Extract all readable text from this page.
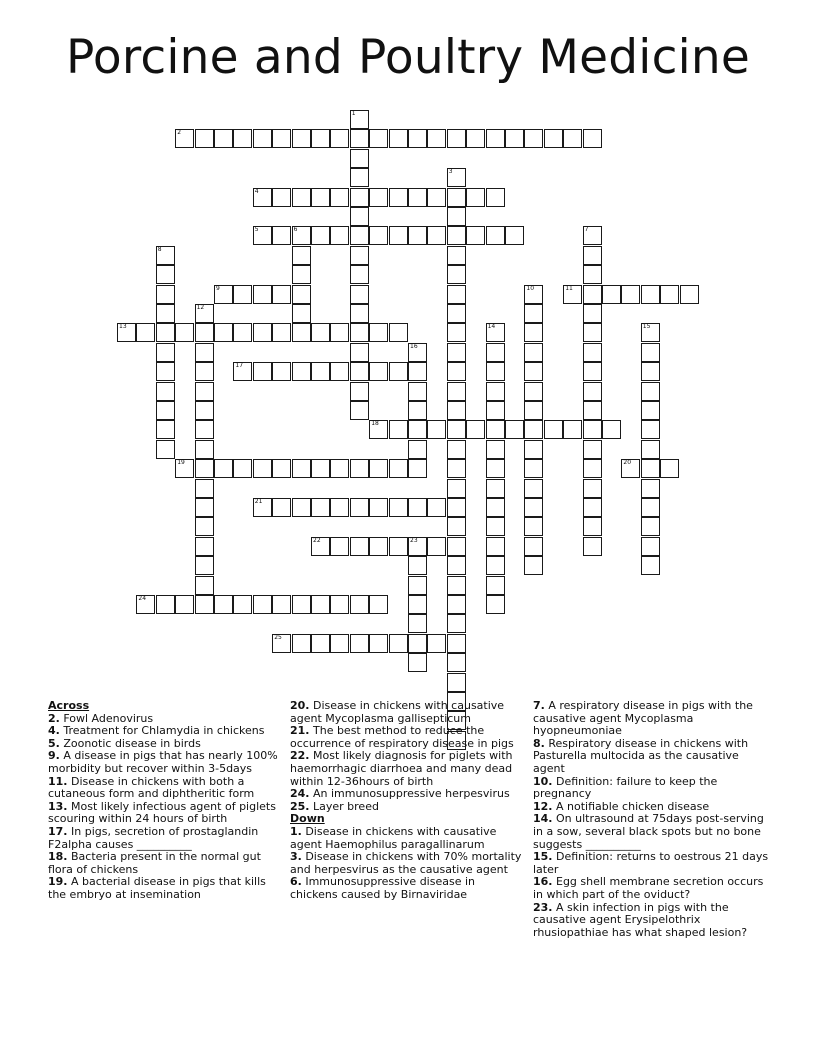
Porcine and Poultry Medicine
2
4
5	6
9	11
13
17
18
19	20
21
22	23
24
25
1
3
7
8
10
12
14	15
16
Across
2. Fowl Adenovirus
4. Treatment for Chlamydia in chickens
5. Zoonotic disease in birds
9. A disease in pigs that has nearly 100% morbidity but recover within 3-5days
11. Disease in chickens with both a cutaneous form and diphtheritic form
13. Most likely infectious agent of piglets scouring within 24 hours of birth
17. In pigs, secretion of prostaglandin F2alpha causes __________
18. Bacteria present in the normal gut flora of chickens
19. A bacterial disease in pigs that kills the embryo at insemination
20. Disease in chickens with causative agent Mycoplasma gallisepticum
21. The best method to reduce the occurrence of respiratory disease in pigs
22. Most likely diagnosis for piglets with haemorrhagic diarrhoea and many dead within 12-36hours of birth
24. An immunosuppressive herpesvirus
25. Layer breed
Down
1. Disease in chickens with causative agent Haemophilus paragallinarum
3. Disease in chickens with 70% mortality and herpesvirus as the causative agent
6. Immunosuppressive disease in chickens caused by Birnaviridae
7. A respiratory disease in pigs with the causative agent Mycoplasma hyopneumoniae
8. Respiratory disease in chickens with Pasturella multocida as the causative agent
10. Definition: failure to keep the pregnancy
12. A notifiable chicken disease
14. On ultrasound at 75days post-serving in a sow, several black spots but no bone suggests __________
15. Definition: returns to oestrous 21 days later
16. Egg shell membrane secretion occurs in which part of the oviduct?
23. A skin infection in pigs with the causative agent Erysipelothrix rhusiopathiae has what shaped lesion?
